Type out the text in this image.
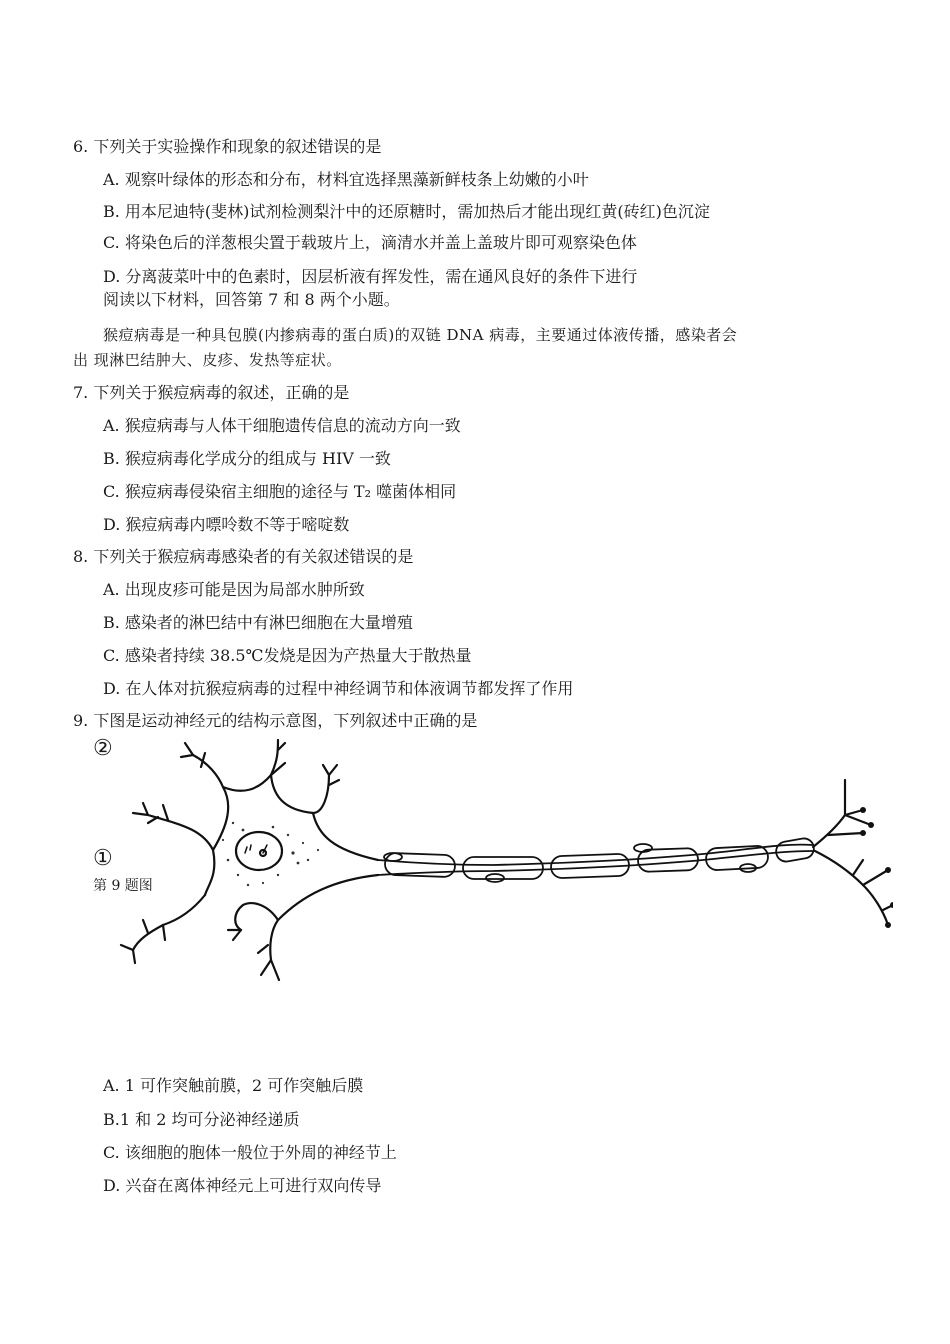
6. 下列关于实验操作和现象的叙述错误的是
A. 观察叶绿体的形态和分布，材料宜选择黑藻新鲜枝条上幼嫩的小叶
B. 用本尼迪特(斐林)试剂检测梨汁中的还原糖时，需加热后才能出现红黄(砖红)色沉淀
C. 将染色后的洋葱根尖置于载玻片上，滴清水并盖上盖玻片即可观察染色体
D. 分离菠菜叶中的色素时，因层析液有挥发性，需在通风良好的条件下进行
阅读以下材料，回答第 7 和 8 两个小题。
猴痘病毒是一种具包膜(内掺病毒的蛋白质)的双链 DNA 病毒，主要通过体液传播，感染者会
出 现淋巴结肿大、皮疹、发热等症状。
7. 下列关于猴痘病毒的叙述，正确的是
A. 猴痘病毒与人体干细胞遗传信息的流动方向一致
B. 猴痘病毒化学成分的组成与 HIV 一致
C. 猴痘病毒侵染宿主细胞的途径与 T₂ 噬菌体相同
D. 猴痘病毒内嘌呤数不等于嘧啶数
8. 下列关于猴痘病毒感染者的有关叙述错误的是
A. 出现皮疹可能是因为局部水肿所致
B. 感染者的淋巴结中有淋巴细胞在大量增殖
C. 感染者持续 38.5℃发烧是因为产热量大于散热量
D. 在人体对抗猴痘病毒的过程中神经调节和体液调节都发挥了作用
9. 下图是运动神经元的结构示意图，下列叙述中正确的是
②
①
第 9 题图
A. 1 可作突触前膜，2 可作突触后膜
B.1 和 2 均可分泌神经递质
C. 该细胞的胞体一般位于外周的神经节上
D. 兴奋在离体神经元上可进行双向传导
